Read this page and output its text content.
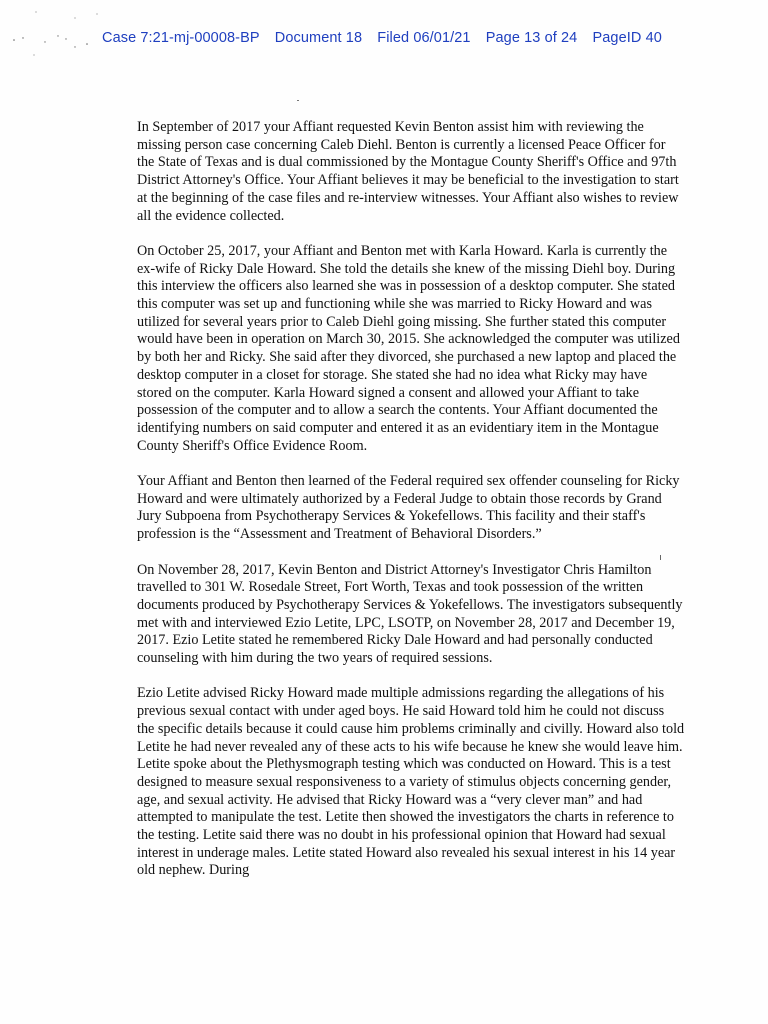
Case 7:21-mj-00008-BP Document 18 Filed 06/01/21 Page 13 of 24 PageID 40

In September of 2017 your Affiant requested Kevin Benton assist him with reviewing the missing person case concerning Caleb Diehl. Benton is currently a licensed Peace Officer for the State of Texas and is dual commissioned by the Montague County Sheriff's Office and 97th District Attorney's Office. Your Affiant believes it may be beneficial to the investigation to start at the beginning of the case files and re-interview witnesses. Your Affiant also wishes to review all the evidence collected.

On October 25, 2017, your Affiant and Benton met with Karla Howard. Karla is currently the ex-wife of Ricky Dale Howard. She told the details she knew of the missing Diehl boy. During this interview the officers also learned she was in possession of a desktop computer. She stated this computer was set up and functioning while she was married to Ricky Howard and was utilized for several years prior to Caleb Diehl going missing. She further stated this computer would have been in operation on March 30, 2015. She acknowledged the computer was utilized by both her and Ricky. She said after they divorced, she purchased a new laptop and placed the desktop computer in a closet for storage. She stated she had no idea what Ricky may have stored on the computer. Karla Howard signed a consent and allowed your Affiant to take possession of the computer and to allow a search the contents. Your Affiant documented the identifying numbers on said computer and entered it as an evidentiary item in the Montague County Sheriff's Office Evidence Room.

Your Affiant and Benton then learned of the Federal required sex offender counseling for Ricky Howard and were ultimately authorized by a Federal Judge to obtain those records by Grand Jury Subpoena from Psychotherapy Services & Yokefellows. This facility and their staff's profession is the “Assessment and Treatment of Behavioral Disorders.”

On November 28, 2017, Kevin Benton and District Attorney's Investigator Chris Hamilton travelled to 301 W. Rosedale Street, Fort Worth, Texas and took possession of the written documents produced by Psychotherapy Services & Yokefellows. The investigators subsequently met with and interviewed Ezio Letite, LPC, LSOTP, on November 28, 2017 and December 19, 2017. Ezio Letite stated he remembered Ricky Dale Howard and had personally conducted counseling with him during the two years of required sessions.

Ezio Letite advised Ricky Howard made multiple admissions regarding the allegations of his previous sexual contact with under aged boys. He said Howard told him he could not discuss the specific details because it could cause him problems criminally and civilly. Howard also told Letite he had never revealed any of these acts to his wife because he knew she would leave him. Letite spoke about the Plethysmograph testing which was conducted on Howard. This is a test designed to measure sexual responsiveness to a variety of stimulus objects concerning gender, age, and sexual activity. He advised that Ricky Howard was a “very clever man” and had attempted to manipulate the test. Letite then showed the investigators the charts in reference to the testing. Letite said there was no doubt in his professional opinion that Howard had sexual interest in underage males. Letite stated Howard also revealed his sexual interest in his 14 year old nephew. During
